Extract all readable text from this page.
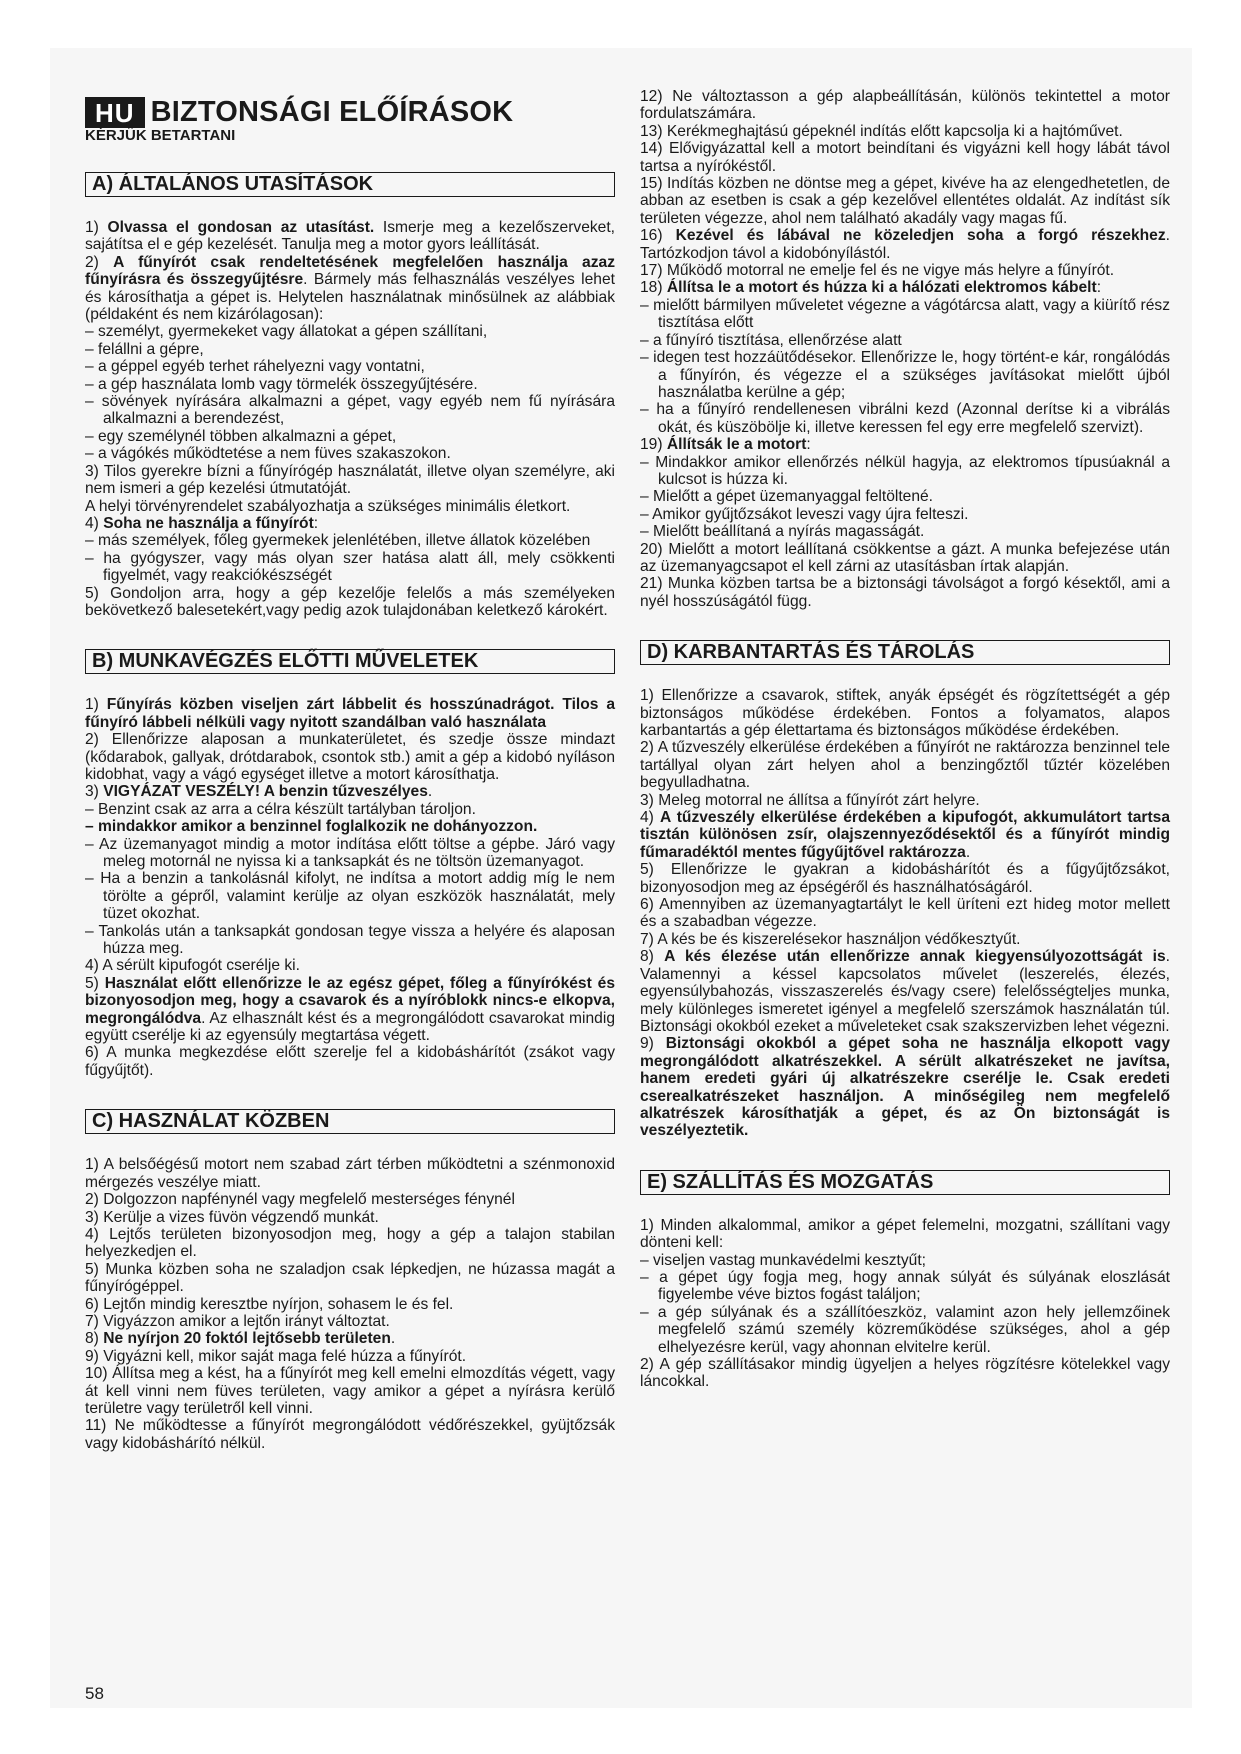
HU BIZTONSÁGI ELŐÍRÁSOK
KÉRJÜK BETARTANI
A) ÁLTALÁNOS UTASÍTÁSOK

1) Olvassa el gondosan az utasítást. Ismerje meg a kezelőszerveket, sajátítsa el e gép kezelését. Tanulja meg a motor gyors leállítását.

2) A fűnyírót csak rendeltetésének megfelelően használja azaz fűnyírásra és összegyűjtésre. Bármely más felhasználás veszélyes lehet és károsíthatja a gépet is. Helytelen használatnak minősülnek az alábbiak (példaként és nem kizárólagosan):

– személyt, gyermekeket vagy állatokat a gépen szállítani,

– felállni a gépre,

– a géppel egyéb terhet ráhelyezni vagy vontatni,

– a gép használata lomb vagy törmelék összegyűjtésére.

– sövények nyírására alkalmazni a gépet, vagy egyéb nem fű nyírására alkalmazni a berendezést,

– egy személynél többen alkalmazni a gépet,

– a vágókés működtetése a nem füves szakaszokon.

3) Tilos gyerekre bízni a fűnyírógép használatát, illetve olyan személyre, aki nem ismeri a gép kezelési útmutatóját.

A helyi törvényrendelet szabályozhatja a szükséges minimális életkort.

4) Soha ne használja a fűnyírót:

– más személyek, főleg gyermekek jelenlétében, illetve állatok közelében

– ha gyógyszer, vagy más olyan szer hatása alatt áll, mely csökkenti figyelmét, vagy reakciókészségét

5) Gondoljon arra, hogy a gép kezelője felelős a más személyeken bekövetkező balesetekért,vagy pedig azok tulajdonában keletkező károkért.

B) MUNKAVÉGZÉS ELŐTTI MŰVELETEK

1) Fűnyírás közben viseljen zárt lábbelit és hosszúnadrágot. Tilos a fűnyíró lábbeli nélküli vagy nyitott szandálban való használata

2) Ellenőrizze alaposan a munkaterületet, és szedje össze mindazt (kődarabok, gallyak, drótdarabok, csontok stb.) amit a gép a kidobó nyíláson kidobhat, vagy a vágó egységet illetve a motort károsíthatja.

3) VIGYÁZAT VESZÉLY! A benzin tűzveszélyes.

– Benzint csak az arra a célra készült tartályban tároljon.

– mindakkor amikor a benzinnel foglalkozik ne dohányozzon.

– Az üzemanyagot mindig a motor indítása előtt töltse a gépbe. Járó vagy meleg motornál ne nyissa ki a tanksapkát és ne töltsön üzemanyagot.

– Ha a benzin a tankolásnál kifolyt, ne indítsa a motort addig míg le nem törölte a gépről, valamint kerülje az olyan eszközök használatát, mely tüzet okozhat.

– Tankolás után a tanksapkát gondosan tegye vissza a helyére és alaposan húzza meg.

4) A sérült kipufogót cserélje ki.

5) Használat előtt ellenőrizze le az egész gépet, főleg a fűnyírókést és bizonyosodjon meg, hogy a csavarok és a nyíróblokk nincs-e elkopva, megrongálódva. Az elhasznált kést és a megrongálódott csavarokat mindig együtt cserélje ki az egyensúly megtartása végett.

6) A munka megkezdése előtt szerelje fel a kidobáshárítót (zsákot vagy fűgyűjtőt).

C) HASZNÁLAT KÖZBEN

1) A belsőégésű motort nem szabad zárt térben működtetni a szénmonoxid mérgezés veszélye miatt.

2) Dolgozzon napfénynél vagy megfelelő mesterséges fénynél

3) Kerülje a vizes füvön végzendő munkát.

4) Lejtős területen bizonyosodjon meg, hogy a gép a talajon stabilan helyezkedjen el.

5) Munka közben soha ne szaladjon csak lépkedjen, ne húzassa magát a fűnyírógéppel.

6) Lejtőn mindig keresztbe nyírjon, sohasem le és fel.

7) Vigyázzon amikor a lejtőn irányt változtat.

8) Ne nyírjon 20 foktól lejtősebb területen.

9) Vigyázni kell, mikor saját maga felé húzza a fűnyírót.

10) Állítsa meg a kést, ha a fűnyírót meg kell emelni elmozdítás végett, vagy át kell vinni nem füves területen, vagy amikor a gépet a nyírásra kerülő területre vagy területről kell vinni.

11) Ne működtesse a fűnyírót megrongálódott védőrészekkel, gyüjtőzsák vagy kidobáshárító nélkül.

12) Ne változtasson a gép alapbeállításán, különös tekintettel a motor fordulatszámára.

13) Kerékmeghajtású gépeknél indítás előtt kapcsolja ki a hajtóművet.

14) Elővigyázattal kell a motort beindítani és vigyázni kell hogy lábát távol tartsa a nyírókéstől.

15) Indítás közben ne döntse meg a gépet, kivéve ha az elengedhetetlen, de abban az esetben is csak a gép kezelővel ellentétes oldalát. Az indítást sík területen végezze, ahol nem található akadály vagy magas fű.

16) Kezével és lábával ne közeledjen soha a forgó részekhez. Tartózkodjon távol a kidobónyílástól.

17) Működő motorral ne emelje fel és ne vigye más helyre a fűnyírót.

18) Állítsa le a motort és húzza ki a hálózati elektromos kábelt:

– mielőtt bármilyen műveletet végezne a vágótárcsa alatt, vagy a kiürítő rész tisztítása előtt

– a fűnyíró tisztítása, ellenőrzése alatt

– idegen test hozzáütődésekor. Ellenőrizze le, hogy történt-e kár, rongálódás a fűnyírón, és végezze el a szükséges javításokat mielőtt újból használatba kerülne a gép;

– ha a fűnyíró rendellenesen vibrálni kezd (Azonnal derítse ki a vibrálás okát, és küszöbölje ki, illetve keressen fel egy erre megfelelő szervizt).

19) Állítsák le a motort:

– Mindakkor amikor ellenőrzés nélkül hagyja, az elektromos típusúaknál a kulcsot is húzza ki.

– Mielőtt a gépet üzemanyaggal feltöltené.

– Amikor gyűjtőzsákot leveszi vagy újra felteszi.

– Mielőtt beállítaná a nyírás magasságát.

20) Mielőtt a motort leállítaná csökkentse a gázt. A munka befejezése után az üzemanyagcsapot el kell zárni az utasításban írtak alapján.

21) Munka közben tartsa be a biztonsági távolságot a forgó késektől, ami a nyél hosszúságától függ.

D) KARBANTARTÁS ÉS TÁROLÁS

1) Ellenőrizze a csavarok, stiftek, anyák épségét és rögzítettségét a gép biztonságos működése érdekében. Fontos a folyamatos, alapos karbantartás a gép élettartama és biztonságos működése érdekében.

2) A tűzveszély elkerülése érdekében a fűnyírót ne raktározza benzinnel tele tartállyal olyan zárt helyen ahol a benzingőztől tűztér közelében begyulladhatna.

3) Meleg motorral ne állítsa a fűnyírót zárt helyre.

4) A tűzveszély elkerülése érdekében a kipufogót, akkumulátort tartsa tisztán különösen zsír, olajszennyeződésektől és a fűnyírót mindig fűmaradéktól mentes fűgyűjtővel raktározza.

5) Ellenőrizze le gyakran a kidobáshárítót és a fűgyűjtőzsákot, bizonyosodjon meg az épségéről és használhatóságáról.

6) Amennyiben az üzemanyagtartályt le kell üríteni ezt hideg motor mellett és a szabadban végezze.

7) A kés be és kiszerelésekor használjon védőkesztyűt.

8) A kés élezése után ellenőrizze annak kiegyensúlyozottságát is. Valamennyi a késsel kapcsolatos művelet (leszerelés, élezés, egyensúlybahozás, visszaszerelés és/vagy csere) felelősségteljes munka, mely különleges ismeretet igényel a megfelelő szerszámok használatán túl. Biztonsági okokból ezeket a műveleteket csak szakszervizben lehet végezni.

9) Biztonsági okokból a gépet soha ne használja elkopott vagy megrongálódott alkatrészekkel. A sérült alkatrészeket ne javítsa, hanem eredeti gyári új alkatrészekre cserélje le. Csak eredeti cserealkatrészeket használjon. A minőségileg nem megfelelő alkatrészek károsíthatják a gépet, és az Ön biztonságát is veszélyeztetik.

E) SZÁLLÍTÁS ÉS MOZGATÁS

1) Minden alkalommal, amikor a gépet felemelni, mozgatni, szállítani vagy dönteni kell:

– viseljen vastag munkavédelmi kesztyűt;

– a gépet úgy fogja meg, hogy annak súlyát és súlyának eloszlását figyelembe véve biztos fogást találjon;

– a gép súlyának és a szállítóeszköz, valamint azon hely jellemzőinek megfelelő számú személy közreműködése szükséges, ahol a gép elhelyezésre kerül, vagy ahonnan elvitelre kerül.

2) A gép szállításakor mindig ügyeljen a helyes rögzítésre kötelekkel vagy láncokkal.

58
